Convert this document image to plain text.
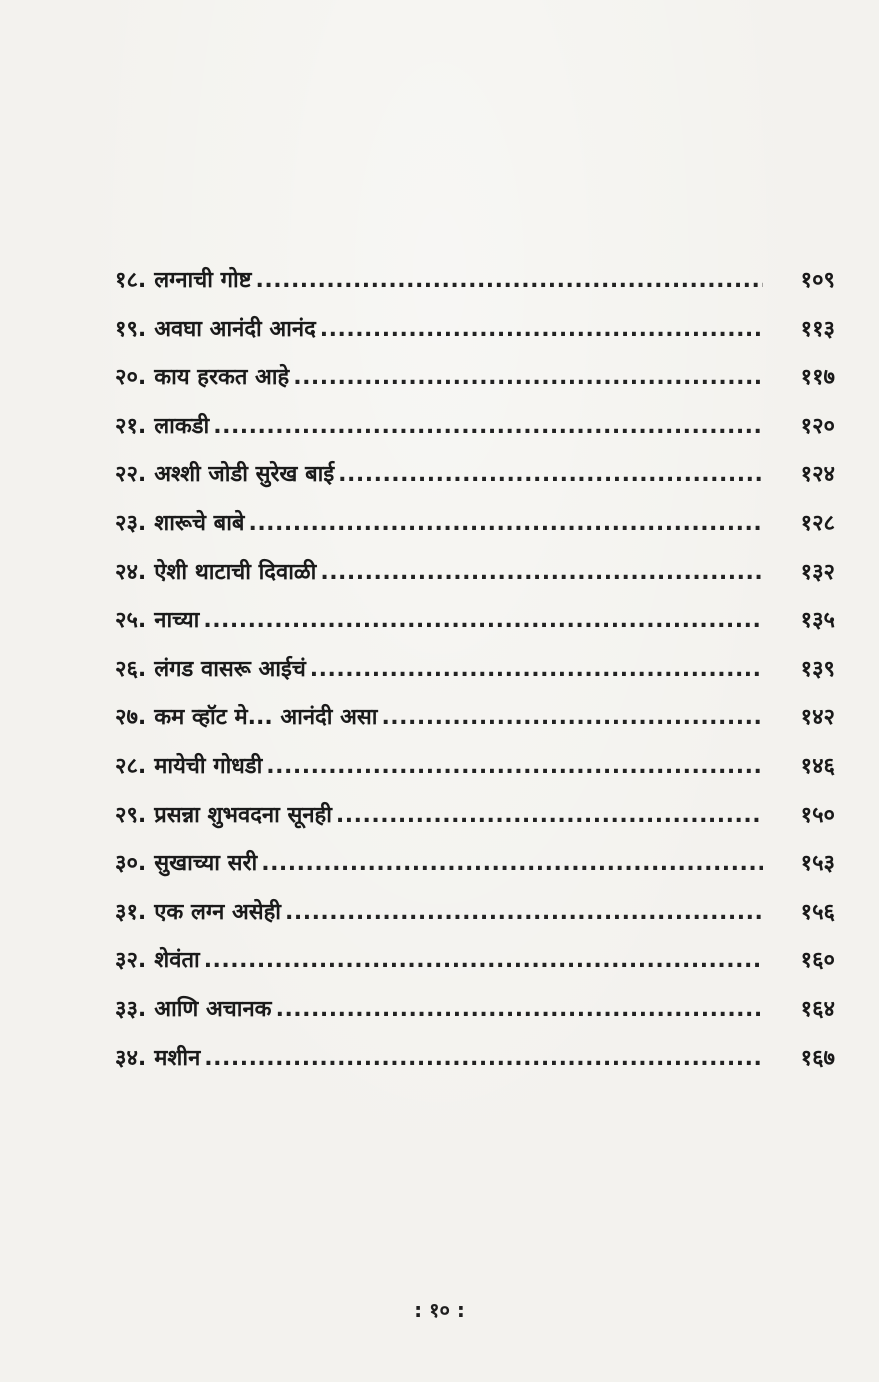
१८. लग्नाची गोष्ट .....	१०९
१९. अवघा आनंदी आनंद .....	११३
२०. काय हरकत आहे .....	११७
२१. लाकडी .....	१२०
२२. अश्शी जोडी सुरेख बाई .....	१२४
२३. शारूचे बाबे .....	१२८
२४. ऐशी थाटाची दिवाळी .....	१३२
२५. नाच्या .....	१३५
२६. लंगड वासरू आईचं .....	१३९
२७. कम व्हॉट मे... आनंदी असा .....	१४२
२८. मायेची गोधडी .....	१४६
२९. प्रसन्ना शुभवदना सूनही .....	१५०
३०. सुखाच्या सरी .....	१५३
३१. एक लग्न असेही .....	१५६
३२. शेवंता .....	१६०
३३. आणि अचानक .....	१६४
३४. मशीन .....	१६७
: १० :
